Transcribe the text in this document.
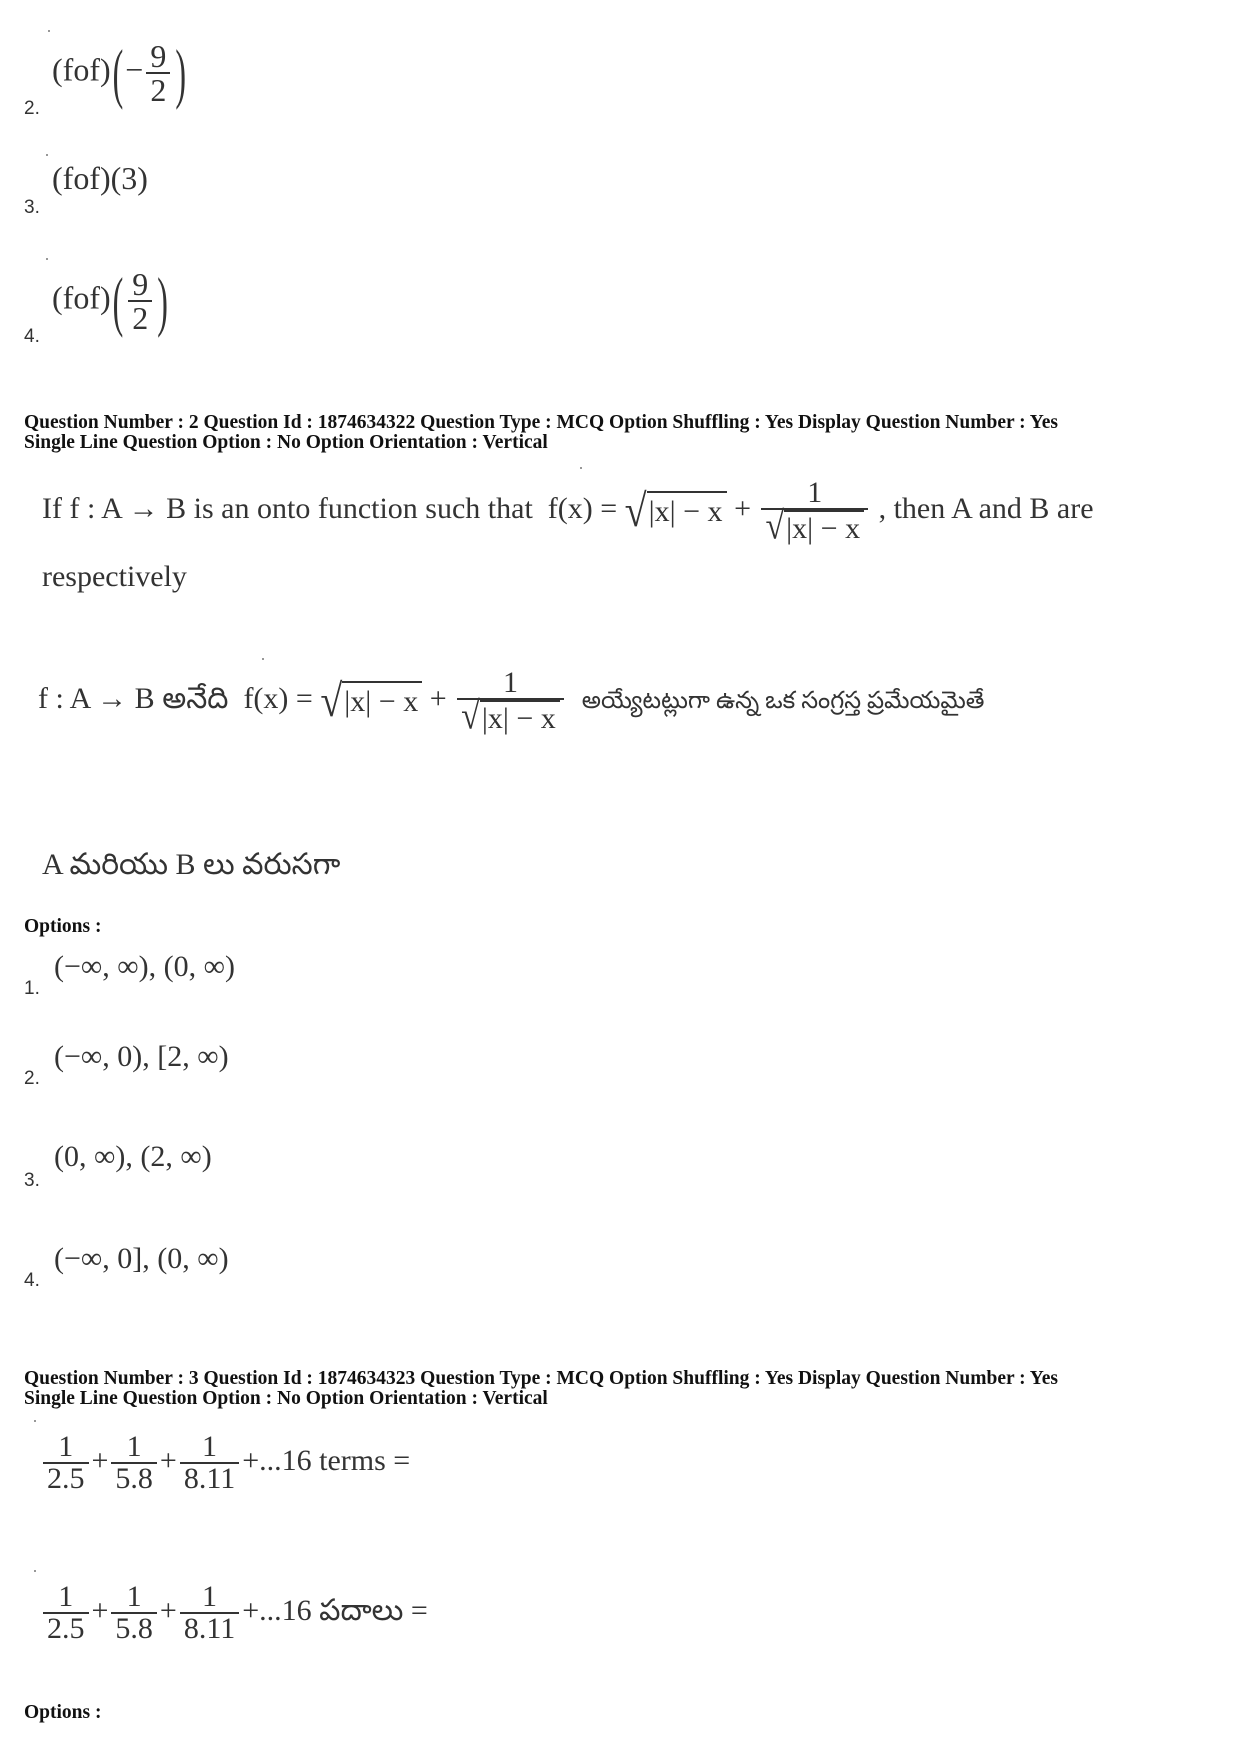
$(fof)(- \frac{9}{2}$ )
2.
(fof)(3)
3.
$(fof)( \frac{9}{2}$ )
4.
Question Number : 2 Question Id : 1874634322 Question Type : MCQ Option Shuffling : Yes Display Question Number : Yes
Single Line Question Option : No Option Orientation : Vertical
If f : A → B is an onto function such that f(x) = √ $|x| - x + \frac{1}{√ |x| - x}$ , then A and B are
respectively
f : A → B అనేది f(x) = √ $|x| - x + \frac{1}{√ |x| - x}$ అయ్యేటట్లుగా ఉన్న ఒక సంగ్రస్త ప్రమేయమైతే
A మరియు B లు వరుసగా
Options :
(−∞, ∞), (0, ∞)
1.
(−∞, 0), [2, ∞)
2.
(0, ∞), (2, ∞)
3.
(−∞, 0], (0, ∞)
4.
Question Number : 3 Question Id : 1874634323 Question Type : MCQ Option Shuffling : Yes Display Question Number : Yes
Single Line Question Option : No Option Orientation : Vertical
$\frac{1}{2.5} + \frac{1}{5.8} + \frac{1}{8.11} +...16$ terms =
$\frac{1}{2.5} + \frac{1}{5.8} + \frac{1}{8.11} +...16$ పదాలు =
Options :
